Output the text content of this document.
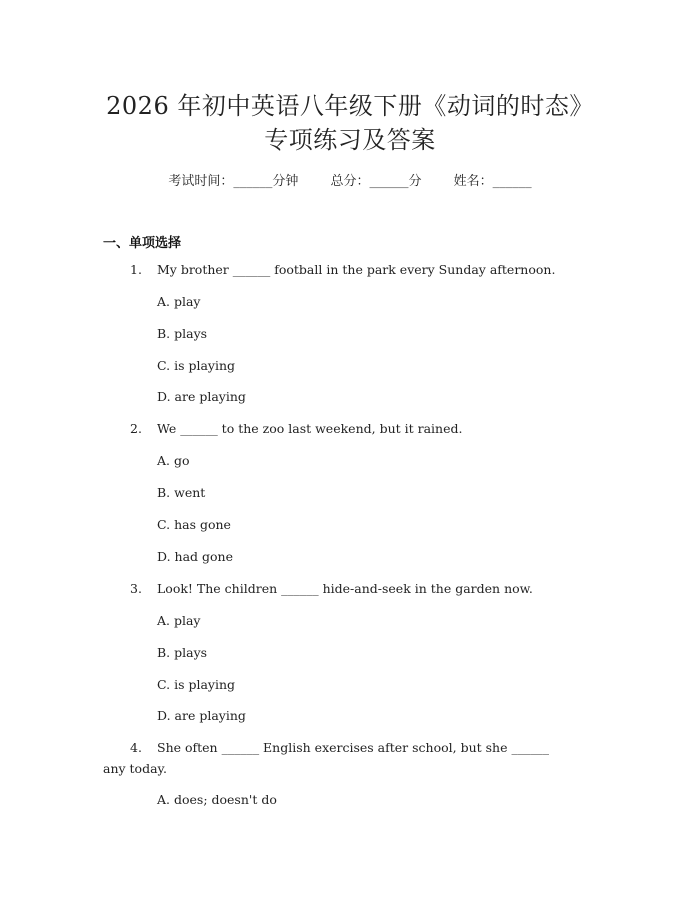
2026 年初中英语八年级下册《动词的时态》
专项练习及答案
考试时间：______分钟 总分：______分 姓名：______
一、单项选择
1. My brother ______ football in the park every Sunday afternoon.
A. play
B. plays
C. is playing
D. are playing
2. We ______ to the zoo last weekend, but it rained.
A. go
B. went
C. has gone
D. had gone
3. Look! The children ______ hide-and-seek in the garden now.
A. play
B. plays
C. is playing
D. are playing
4. She often ______ English exercises after school, but she ______
any today.
A. does; doesn't do
